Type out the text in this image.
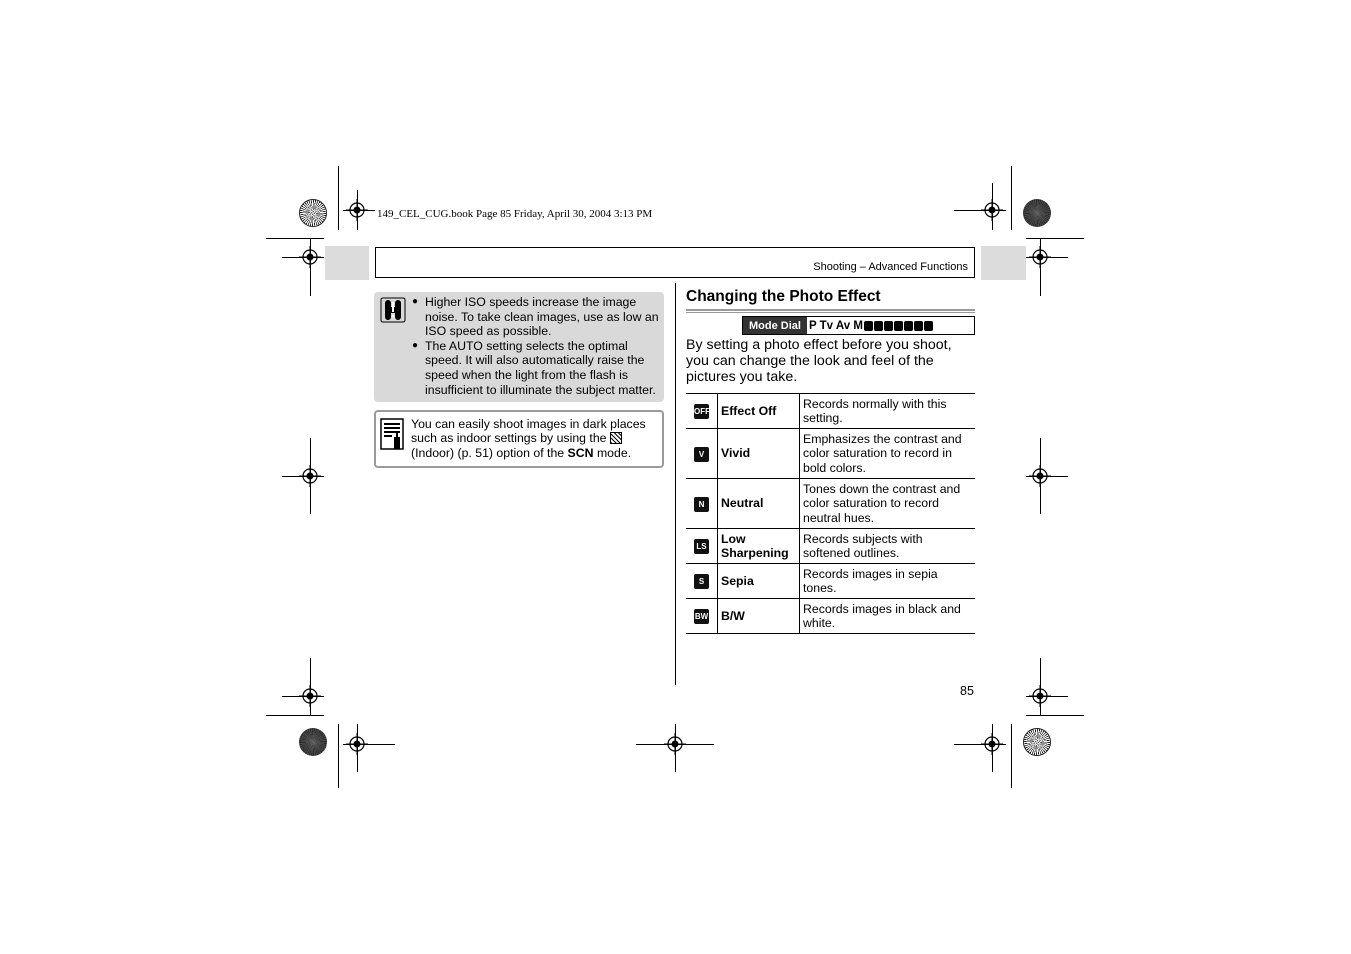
149_CEL_CUG.book Page 85 Friday, April 30, 2004 3:13 PM
Shooting – Advanced Functions
● Higher ISO speeds increase the image noise. To take clean images, use as low an ISO speed as possible.
● The AUTO setting selects the optimal speed. It will also automatically raise the speed when the light from the flash is insufficient to illuminate the subject matter.
You can easily shoot images in dark places such as indoor settings by using the
(Indoor) (p. 51) option of the SCN mode.
Changing the Photo Effect
Mode Dial P Tv Av M
By setting a photo effect before you shoot, you can change the look and feel of the pictures you take.
OFF	Effect Off	Records normally with this setting.
V	Vivid	Emphasizes the contrast and color saturation to record in bold colors.
N	Neutral	Tones down the contrast and color saturation to record neutral hues.
LS	Low Sharpening	Records subjects with softened outlines.
S	Sepia	Records images in sepia tones.
BW	B/W	Records images in black and white.
85
